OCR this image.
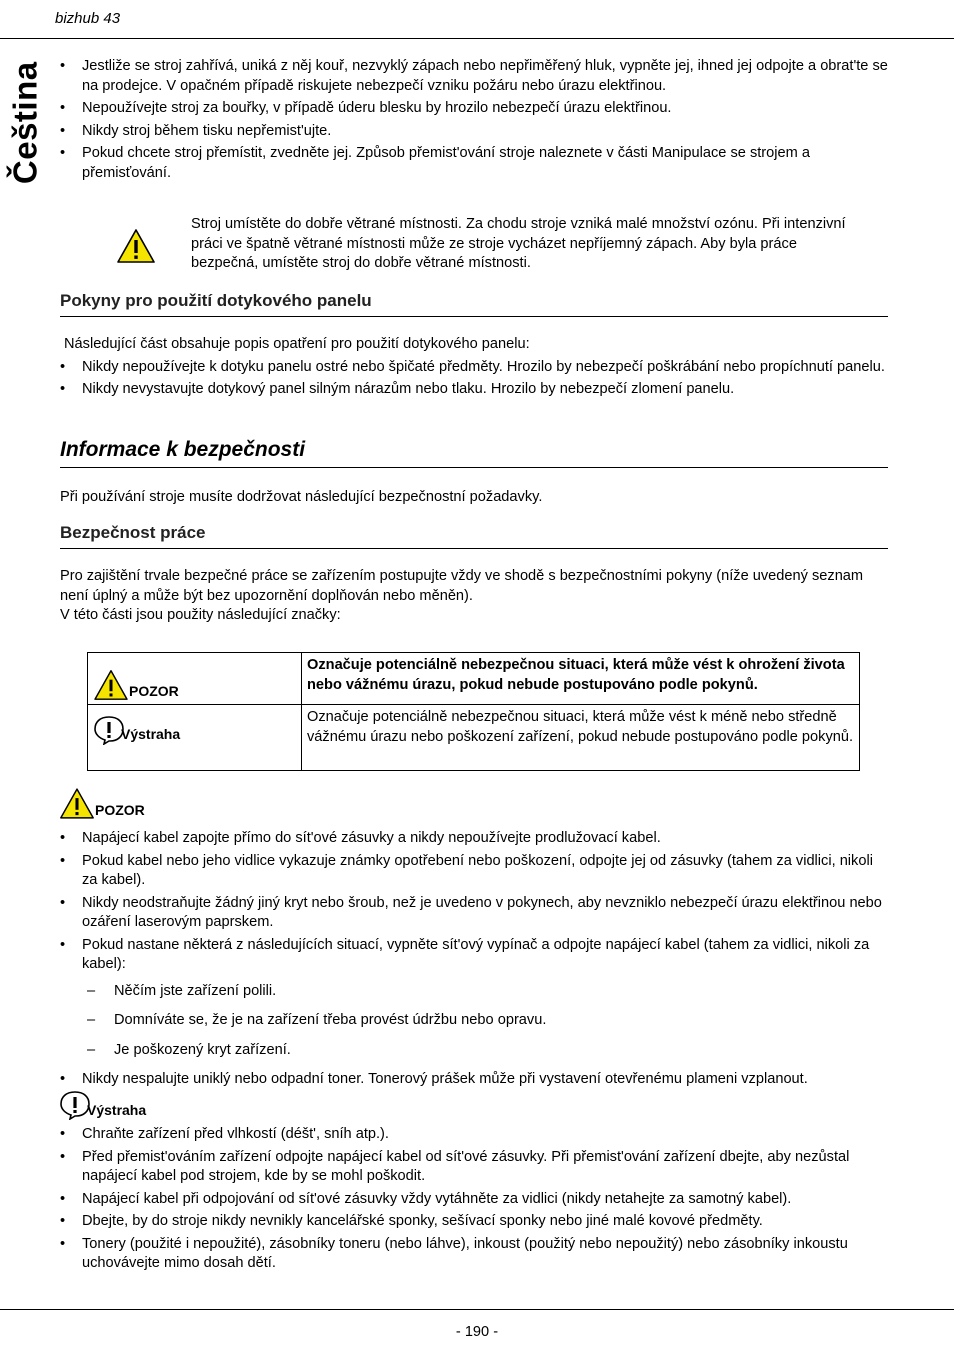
bizhub 43
Čeština	• Jestliže se stroj zahřívá, uniká z něj kouř, nezvyklý zápach nebo nepřiměřený hluk, vypněte jej, ihned jej odpojte a obrat'te se na prodejce. V opačném případě riskujete nebezpečí vzniku požáru nebo úrazu elektřinou.
• Nepoužívejte stroj za bouřky, v případě úderu blesku by hrozilo nebezpečí úrazu elektřinou.
• Nikdy stroj během tisku nepřemist'ujte.
• Pokud chcete stroj přemístit, zvedněte jej. Způsob přemist'ování stroje naleznete v části Manipulace se strojem a přemisťování.
Stroj umístěte do dobře větrané místnosti. Za chodu stroje vzniká malé množství ozónu. Při intenzivní práci ve špatně větrané místnosti může ze stroje vycházet nepříjemný zápach. Aby byla práce bezpečná, umístěte stroj do dobře větrané místnosti.
Pokyny pro použití dotykového panelu
Následující část obsahuje popis opatření pro použití dotykového panelu:
• Nikdy nepoužívejte k dotyku panelu ostré nebo špičaté předměty. Hrozilo by nebezpečí poškrábání nebo propíchnutí panelu.
• Nikdy nevystavujte dotykový panel silným nárazům nebo tlaku. Hrozilo by nebezpečí zlomení panelu.
Informace k bezpečnosti
Při používání stroje musíte dodržovat následující bezpečnostní požadavky.
Bezpečnost práce
Pro zajištění trvale bezpečné práce se zařízením postupujte vždy ve shodě s bezpečnostními pokyny (níže uvedený seznam není úplný a může být bez upozornění doplňován nebo měněn).
V této části jsou použity následující značky:
POZOR	Označuje potenciálně nebezpečnou situaci, která může vést k ohrožení života nebo vážnému úrazu, pokud nebude postupováno podle pokynů.

Výstraha	Označuje potenciálně nebezpečnou situaci, která může vést k méně nebo středně vážnému úrazu nebo poškození zařízení, pokud nebude postupováno podle pokynů.
POZOR
• Napájecí kabel zapojte přímo do sít'ové zásuvky a nikdy nepoužívejte prodlužovací kabel.
• Pokud kabel nebo jeho vidlice vykazuje známky opotřebení nebo poškození, odpojte jej od zásuvky (tahem za vidlici, nikoli za kabel).
• Nikdy neodstraňujte žádný jiný kryt nebo šroub, než je uvedeno v pokynech, aby nevzniklo nebezpečí úrazu elektřinou nebo ozáření laserovým paprskem.
• Pokud nastane některá z následujících situací, vypněte sít'ový vypínač a odpojte napájecí kabel (tahem za vidlici, nikoli za kabel):
– Něčím jste zařízení polili.
– Domníváte se, že je na zařízení třeba provést údržbu nebo opravu.
– Je poškozený kryt zařízení.
• Nikdy nespalujte uniklý nebo odpadní toner. Tonerový prášek může při vystavení otevřenému plameni vzplanout.
Výstraha
• Chraňte zařízení před vlhkostí (déšt', sníh atp.).
• Před přemist'ováním zařízení odpojte napájecí kabel od sít'ové zásuvky. Při přemist'ování zařízení dbejte, aby nezůstal napájecí kabel pod strojem, kde by se mohl poškodit.
• Napájecí kabel při odpojování od sít'ové zásuvky vždy vytáhněte za vidlici (nikdy netahejte za samotný kabel).
• Dbejte, by do stroje nikdy nevnikly kancelářské sponky, sešívací sponky nebo jiné malé kovové předměty.
• Tonery (použité i nepoužité), zásobníky toneru (nebo láhve), inkoust (použitý nebo nepoužitý) nebo zásobníky inkoustu uchovávejte mimo dosah dětí.
- 190 -
